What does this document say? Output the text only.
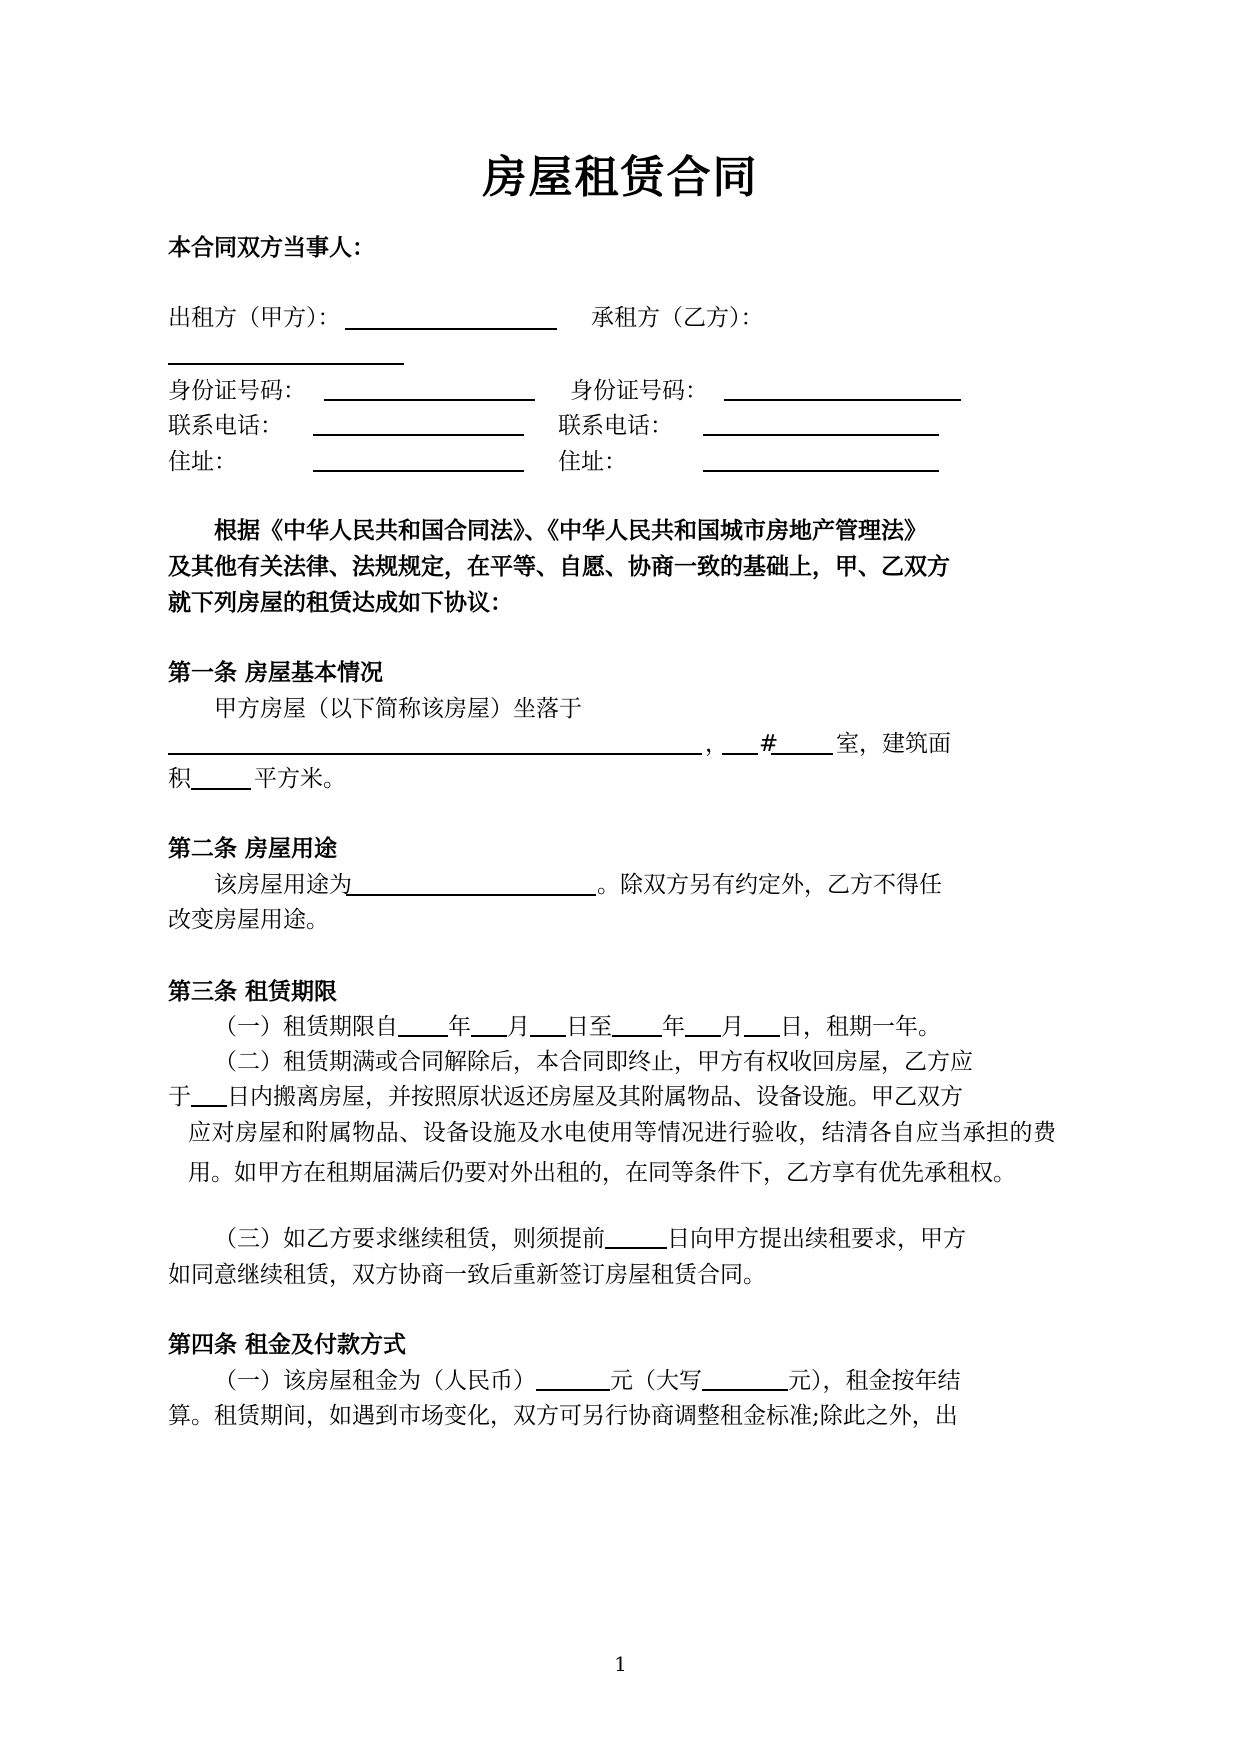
房屋租赁合同
本合同双方当事人：
出租方（甲方）：	承租方（乙方）：
身份证号码：	身份证号码：
联系电话：	联系电话：
住址：	住址：
根据《中华人民共和国合同法》、《中华人民共和国城市房地产管理法》
及其他有关法律、法规规定，在平等、自愿、协商一致的基础上，甲、乙双方
就下列房屋的租赁达成如下协议：
第一条 房屋基本情况
甲方房屋（以下简称该房屋）坐落于
， #	室，建筑面
积	平方米。
第二条 房屋用途
该房屋用途为	。除双方另有约定外，乙方不得任
改变房屋用途。
第三条 租赁期限
（一）租赁期限自 年 月 日至 年 月 日，租期一年。
（二）租赁期满或合同解除后，本合同即终止，甲方有权收回房屋，乙方应
于 日内搬离房屋，并按照原状返还房屋及其附属物品、设备设施。甲乙双方
应对房屋和附属物品、设备设施及水电使用等情况进行验收，结清各自应当承担的费用。如甲方在租期届满后仍要对外出租的，在同等条件下，乙方享有优先承租权。
（三）如乙方要求继续租赁，则须提前	日向甲方提出续租要求，甲方
如同意继续租赁，双方协商一致后重新签订房屋租赁合同。
第四条 租金及付款方式
（一）该房屋租金为（人民币）	元（大写	元），租金按年结
算。租赁期间，如遇到市场变化，双方可另行协商调整租金标准;除此之外，出
1
